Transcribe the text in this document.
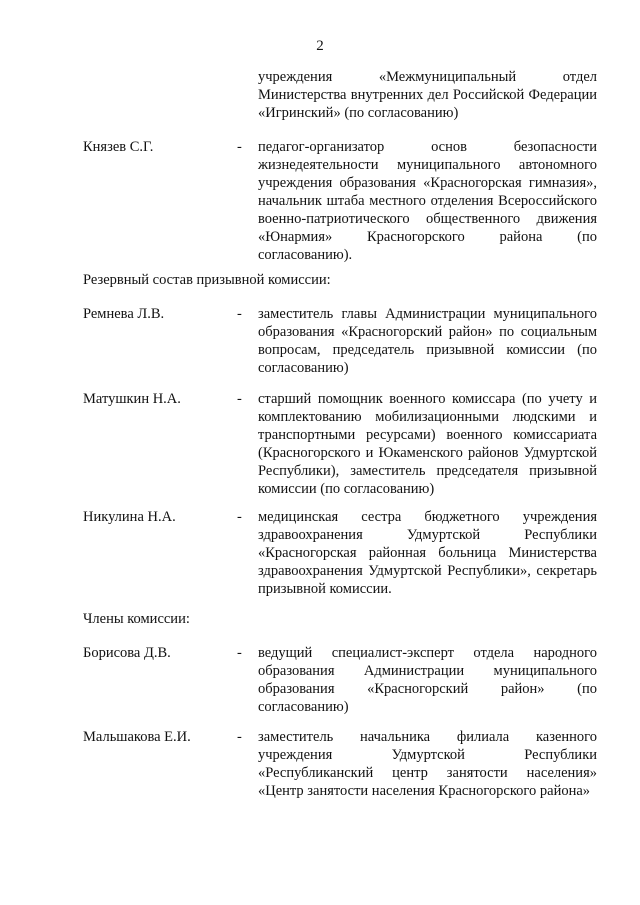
2
учреждения «Межмуниципальный отдел Министерства внутренних дел Российской Федерации «Игринский» (по согласованию)
Князев С.Г.	- педагог-организатор основ безопасности жизнедеятельности муниципального автономного учреждения образования «Красногорская гимназия», начальник штаба местного отделения Всероссийского военно-патриотического общественного движения «Юнармия» Красногорского района (по согласованию).
Резервный состав призывной комиссии:
Ремнева Л.В.	- заместитель главы Администрации муниципального образования «Красногорский район» по социальным вопросам, председатель призывной комиссии (по согласованию)
Матушкин Н.А.	- старший помощник военного комиссара (по учету и комплектованию мобилизационными людскими и транспортными ресурсами) военного комиссариата (Красногорского и Юкаменского районов Удмуртской Республики), заместитель председателя призывной комиссии (по согласованию)
Никулина Н.А.	- медицинская сестра бюджетного учреждения здравоохранения Удмуртской Республики «Красногорская районная больница Министерства здравоохранения Удмуртской Республики», секретарь призывной комиссии.
Члены комиссии:
Борисова Д.В.	- ведущий специалист-эксперт отдела народного образования Администрации муниципального образования «Красногорский район» (по согласованию)
Мальшакова Е.И.	- заместитель начальника филиала казенного учреждения Удмуртской Республики «Республиканский центр занятости населения» «Центр занятости населения Красногорского района»
